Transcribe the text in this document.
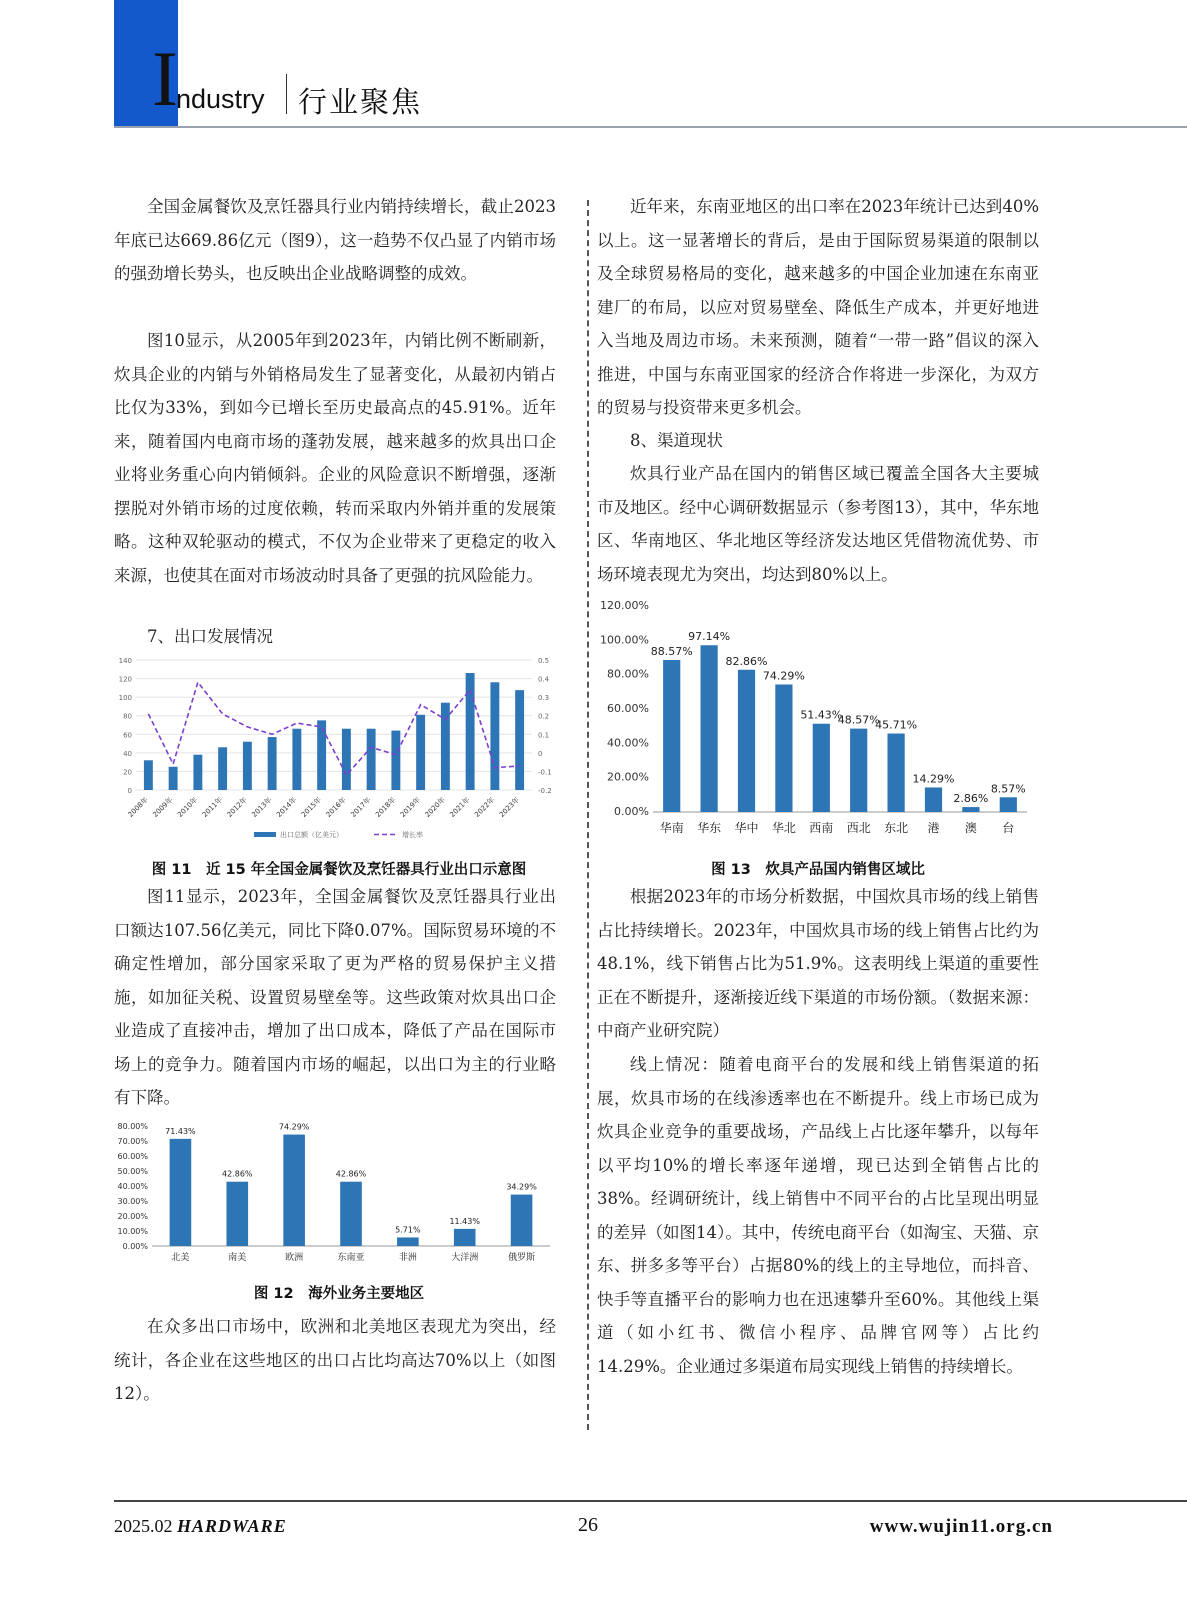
I
ndustry 行业聚焦

全国金属餐饮及烹饪器具行业内销持续增长，截止2023年底已达669.86亿元（图9），这一趋势不仅凸显了内销市场的强劲增长势头，也反映出企业战略调整的成效。

图10显示，从2005年到2023年，内销比例不断刷新，炊具企业的内销与外销格局发生了显著变化，从最初内销占比仅为33%，到如今已增长至历史最高点的45.91%。近年来，随着国内电商市场的蓬勃发展，越来越多的炊具出口企业将业务重心向内销倾斜。企业的风险意识不断增强，逐渐摆脱对外销市场的过度依赖，转而采取内外销并重的发展策略。这种双轮驱动的模式，不仅为企业带来了更稳定的收入来源，也使其在面对市场波动时具备了更强的抗风险能力。

7、出口发展情况

0
20
40
60
80
100
120
140
-0.2
-0.1
0
0.1
0.2
0.3
0.4
0.5
2008年 2009年 2010年 2011年 2012年 2013年 2014年 2015年 2016年 2017年 2018年 2019年 2020年 2021年 2022年 2023年
出口总额（亿美元）	增长率
图 11　近 15 年全国金属餐饮及烹饪器具行业出口示意图

图11显示，2023年，全国金属餐饮及烹饪器具行业出口额达107.56亿美元，同比下降0.07%。国际贸易环境的不确定性增加，部分国家采取了更为严格的贸易保护主义措施，如加征关税、设置贸易壁垒等。这些政策对炊具出口企业造成了直接冲击，增加了出口成本，降低了产品在国际市场上的竞争力。随着国内市场的崛起，以出口为主的行业略有下降。

0.00%
10.00%
20.00%
30.00%
40.00%
50.00%
60.00%
70.00%
80.00%
71.43%
北美
42.86%
南美
74.29%
欧洲
42.86%
东南亚
5.71%
非洲
11.43%
大洋洲
34.29%
俄罗斯
图 12　海外业务主要地区

在众多出口市场中，欧洲和北美地区表现尤为突出，经统计，各企业在这些地区的出口占比均高达70%以上（如图12）。

近年来，东南亚地区的出口率在2023年统计已达到40%以上。这一显著增长的背后，是由于国际贸易渠道的限制以及全球贸易格局的变化，越来越多的中国企业加速在东南亚建厂的布局，以应对贸易壁垒、降低生产成本，并更好地进入当地及周边市场。未来预测，随着“一带一路”倡议的深入推进，中国与东南亚国家的经济合作将进一步深化，为双方的贸易与投资带来更多机会。

8、渠道现状

炊具行业产品在国内的销售区域已覆盖全国各大主要城市及地区。经中心调研数据显示（参考图13），其中，华东地区、华南地区、华北地区等经济发达地区凭借物流优势、市场环境表现尤为突出，均达到80%以上。

0.00%
20.00%
40.00%
60.00%
80.00%
100.00%
120.00%
88.57%
华南
97.14%
华东
82.86%
华中
74.29%
华北
51.43%
西南
48.57%
西北
45.71%
东北
14.29%
港
2.86%
澳
8.57%
台
图 13　炊具产品国内销售区域比

根据2023年的市场分析数据，中国炊具市场的线上销售占比持续增长。2023年，中国炊具市场的线上销售占比约为48.1%，线下销售占比为51.9%。这表明线上渠道的重要性正在不断提升，逐渐接近线下渠道的市场份额。（数据来源：中商产业研究院）

线上情况：随着电商平台的发展和线上销售渠道的拓展，炊具市场的在线渗透率也在不断提升。线上市场已成为炊具企业竞争的重要战场，产品线上占比逐年攀升，以每年以平均10%的增长率逐年递增，现已达到全销售占比的38%。经调研统计，线上销售中不同平台的占比呈现出明显的差异（如图14）。其中，传统电商平台（如淘宝、天猫、京东、拼多多等平台）占据80%的线上的主导地位，而抖音、快手等直播平台的影响力也在迅速攀升至60%。其他线上渠道（如小红书、微信小程序、品牌官网等）占比约14.29%。企业通过多渠道布局实现线上销售的持续增长。

2025.02 HARDWARE	26	www.wujin11.org.cn
